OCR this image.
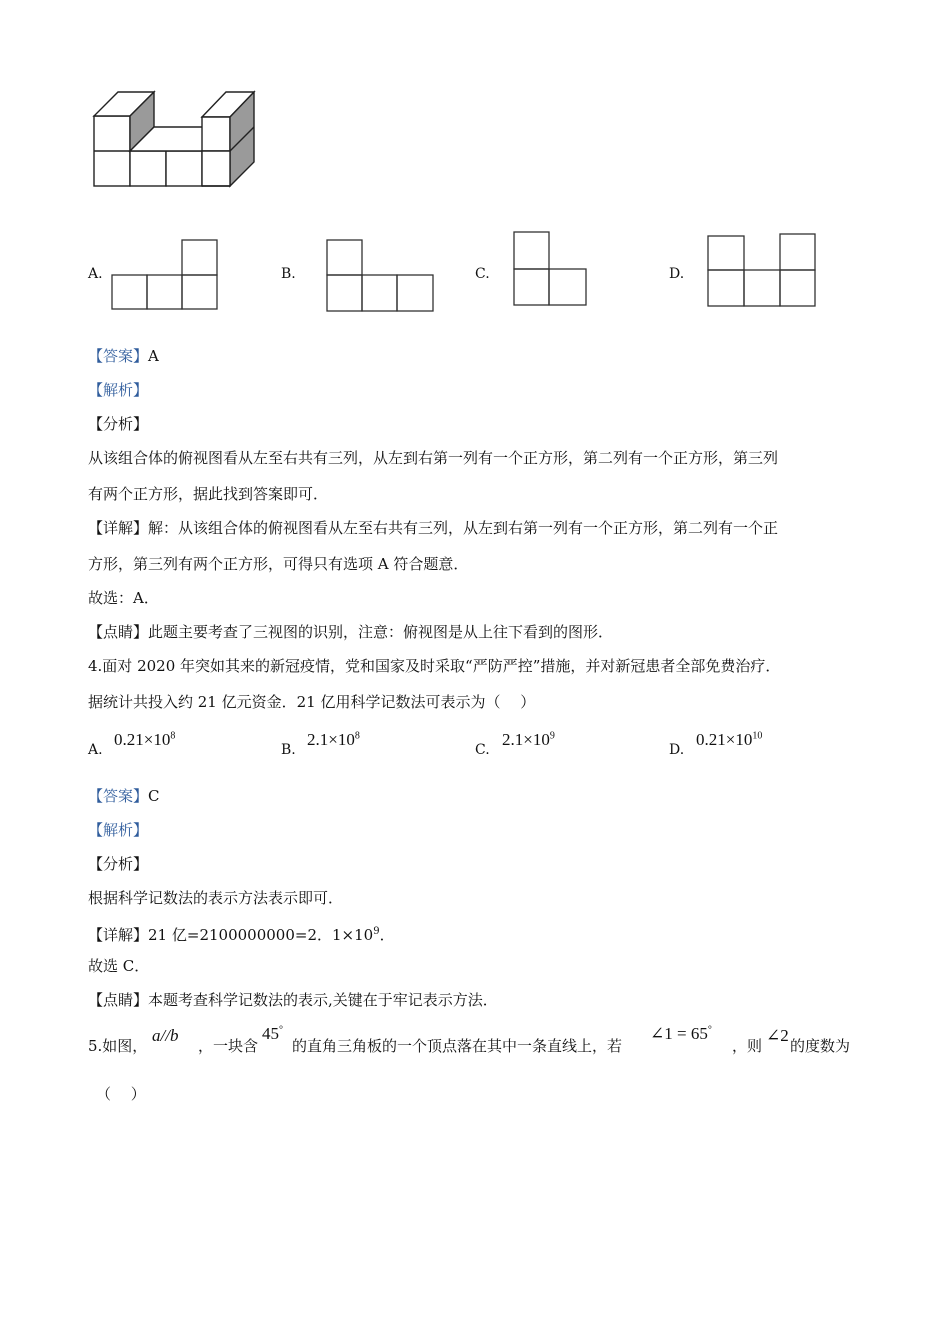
A.	B.	C.	D.
【答案】A
【解析】
【分析】
从该组合体的俯视图看从左至右共有三列，从左到右第一列有一个正方形，第二列有一个正方形，第三列
有两个正方形，据此找到答案即可．
【详解】解：从该组合体的俯视图看从左至右共有三列，从左到右第一列有一个正方形，第二列有一个正
方形，第三列有两个正方形，可得只有选项 A 符合题意．
故选：A．
【点睛】此题主要考查了三视图的识别，注意：俯视图是从上往下看到的图形．
4.面对 2020 年突如其来的新冠疫情，党和国家及时采取“严防严控”措施，并对新冠患者全部免费治疗．
据统计共投入约 21 亿元资金．21 亿用科学记数法可表示为（　 ）
A.
$0.21\times 10^8$
B.
$2.1\times 10^8$
C.
$2.1\times 10^9$
D.
$0.21\times 10^{10}$
【答案】C
【解析】
【分析】
根据科学记数法的表示方法表示即可．
【详解】21 亿=2100000000=2．$1\times 10^9$．
故选 C．
【点睛】本题考查科学记数法的表示,关键在于牢记表示方法．
5.如图，
a//b
，一块含
45°
的直角三角板的一个顶点落在其中一条直线上，若
∠1 = 65°
，则
∠2
的度数为
（　 ）
